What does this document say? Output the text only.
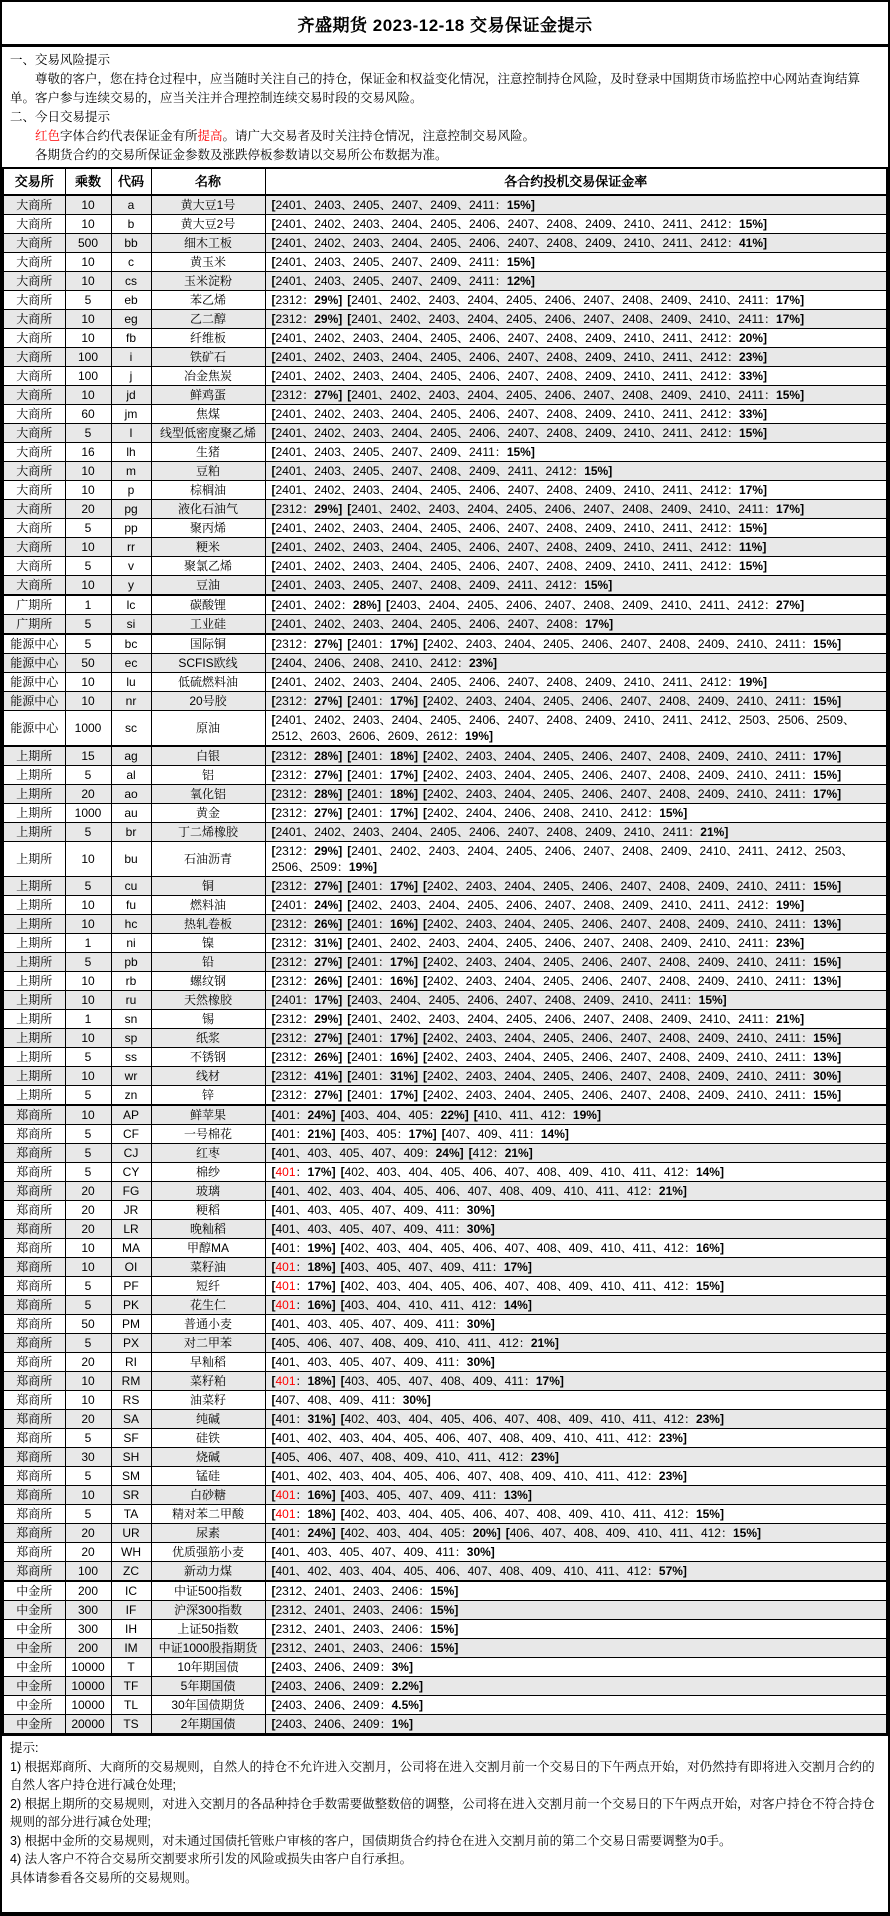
齐盛期货 2023-12-18 交易保证金提示

一、交易风险提示

尊敬的客户，您在持仓过程中，应当随时关注自己的持仓，保证金和权益变化情况，注意控制持仓风险，及时登录中国期货市场监控中心网站查询结算单。客户参与连续交易的，应当关注并合理控制连续交易时段的交易风险。

二、今日交易提示

红色字体合约代表保证金有所提高。请广大交易者及时关注持仓情况，注意控制交易风险。

各期货合约的交易所保证金参数及涨跌停板参数请以交易所公布数据为准。

交易所	乘数	代码	名称	各合约投机交易保证金率
大商所	10	a	黄大豆1号	[2401、2403、2405、2407、2409、2411：15%]
大商所	10	b	黄大豆2号	[2401、2402、2403、2404、2405、2406、2407、2408、2409、2410、2411、2412：15%]
大商所	500	bb	细木工板	[2401、2402、2403、2404、2405、2406、2407、2408、2409、2410、2411、2412：41%]
大商所	10	c	黄玉米	[2401、2403、2405、2407、2409、2411：15%]
大商所	10	cs	玉米淀粉	[2401、2403、2405、2407、2409、2411：12%]
大商所	5	eb	苯乙烯	[2312：29%] [2401、2402、2403、2404、2405、2406、2407、2408、2409、2410、2411：17%]
大商所	10	eg	乙二醇	[2312：29%] [2401、2402、2403、2404、2405、2406、2407、2408、2409、2410、2411：17%]
大商所	10	fb	纤维板	[2401、2402、2403、2404、2405、2406、2407、2408、2409、2410、2411、2412：20%]
大商所	100	i	铁矿石	[2401、2402、2403、2404、2405、2406、2407、2408、2409、2410、2411、2412：23%]
大商所	100	j	冶金焦炭	[2401、2402、2403、2404、2405、2406、2407、2408、2409、2410、2411、2412：33%]
大商所	10	jd	鲜鸡蛋	[2312：27%] [2401、2402、2403、2404、2405、2406、2407、2408、2409、2410、2411：15%]
大商所	60	jm	焦煤	[2401、2402、2403、2404、2405、2406、2407、2408、2409、2410、2411、2412：33%]
大商所	5	l	线型低密度聚乙烯	[2401、2402、2403、2404、2405、2406、2407、2408、2409、2410、2411、2412：15%]
大商所	16	lh	生猪	[2401、2403、2405、2407、2409、2411：15%]
大商所	10	m	豆粕	[2401、2403、2405、2407、2408、2409、2411、2412：15%]
大商所	10	p	棕榈油	[2401、2402、2403、2404、2405、2406、2407、2408、2409、2410、2411、2412：17%]
大商所	20	pg	液化石油气	[2312：29%] [2401、2402、2403、2404、2405、2406、2407、2408、2409、2410、2411：17%]
大商所	5	pp	聚丙烯	[2401、2402、2403、2404、2405、2406、2407、2408、2409、2410、2411、2412：15%]
大商所	10	rr	粳米	[2401、2402、2403、2404、2405、2406、2407、2408、2409、2410、2411、2412：11%]
大商所	5	v	聚氯乙烯	[2401、2402、2403、2404、2405、2406、2407、2408、2409、2410、2411、2412：15%]
大商所	10	y	豆油	[2401、2403、2405、2407、2408、2409、2411、2412：15%]
广期所	1	lc	碳酸锂	[2401、2402：28%] [2403、2404、2405、2406、2407、2408、2409、2410、2411、2412：27%]
广期所	5	si	工业硅	[2401、2402、2403、2404、2405、2406、2407、2408：17%]
能源中心	5	bc	国际铜	[2312：27%] [2401：17%] [2402、2403、2404、2405、2406、2407、2408、2409、2410、2411：15%]
能源中心	50	ec	SCFIS欧线	[2404、2406、2408、2410、2412：23%]
能源中心	10	lu	低硫燃料油	[2401、2402、2403、2404、2405、2406、2407、2408、2409、2410、2411、2412：19%]
能源中心	10	nr	20号胶	[2312：27%] [2401：17%] [2402、2403、2404、2405、2406、2407、2408、2409、2410、2411：15%]
能源中心	1000	sc	原油	[2401、2402、2403、2404、2405、2406、2407、2408、2409、2410、2411、2412、2503、2506、2509、2512、2603、2606、2609、2612：19%]
上期所	15	ag	白银	[2312：28%] [2401：18%] [2402、2403、2404、2405、2406、2407、2408、2409、2410、2411：17%]
上期所	5	al	铝	[2312：27%] [2401：17%] [2402、2403、2404、2405、2406、2407、2408、2409、2410、2411：15%]
上期所	20	ao	氧化铝	[2312：28%] [2401：18%] [2402、2403、2404、2405、2406、2407、2408、2409、2410、2411：17%]
上期所	1000	au	黄金	[2312：27%] [2401：17%] [2402、2404、2406、2408、2410、2412：15%]
上期所	5	br	丁二烯橡胶	[2401、2402、2403、2404、2405、2406、2407、2408、2409、2410、2411：21%]
上期所	10	bu	石油沥青	[2312：29%] [2401、2402、2403、2404、2405、2406、2407、2408、2409、2410、2411、2412、2503、2506、2509：19%]
上期所	5	cu	铜	[2312：27%] [2401：17%] [2402、2403、2404、2405、2406、2407、2408、2409、2410、2411：15%]
上期所	10	fu	燃料油	[2401：24%] [2402、2403、2404、2405、2406、2407、2408、2409、2410、2411、2412：19%]
上期所	10	hc	热轧卷板	[2312：26%] [2401：16%] [2402、2403、2404、2405、2406、2407、2408、2409、2410、2411：13%]
上期所	1	ni	镍	[2312：31%] [2401、2402、2403、2404、2405、2406、2407、2408、2409、2410、2411：23%]
上期所	5	pb	铅	[2312：27%] [2401：17%] [2402、2403、2404、2405、2406、2407、2408、2409、2410、2411：15%]
上期所	10	rb	螺纹钢	[2312：26%] [2401：16%] [2402、2403、2404、2405、2406、2407、2408、2409、2410、2411：13%]
上期所	10	ru	天然橡胶	[2401：17%] [2403、2404、2405、2406、2407、2408、2409、2410、2411：15%]
上期所	1	sn	锡	[2312：29%] [2401、2402、2403、2404、2405、2406、2407、2408、2409、2410、2411：21%]
上期所	10	sp	纸浆	[2312：27%] [2401：17%] [2402、2403、2404、2405、2406、2407、2408、2409、2410、2411：15%]
上期所	5	ss	不锈钢	[2312：26%] [2401：16%] [2402、2403、2404、2405、2406、2407、2408、2409、2410、2411：13%]
上期所	10	wr	线材	[2312：41%] [2401：31%] [2402、2403、2404、2405、2406、2407、2408、2409、2410、2411：30%]
上期所	5	zn	锌	[2312：27%] [2401：17%] [2402、2403、2404、2405、2406、2407、2408、2409、2410、2411：15%]
郑商所	10	AP	鲜苹果	[401：24%] [403、404、405：22%] [410、411、412：19%]
郑商所	5	CF	一号棉花	[401：21%] [403、405：17%] [407、409、411：14%]
郑商所	5	CJ	红枣	[401、403、405、407、409：24%] [412：21%]
郑商所	5	CY	棉纱	[401：17%] [402、403、404、405、406、407、408、409、410、411、412：14%]
郑商所	20	FG	玻璃	[401、402、403、404、405、406、407、408、409、410、411、412：21%]
郑商所	20	JR	粳稻	[401、403、405、407、409、411：30%]
郑商所	20	LR	晚籼稻	[401、403、405、407、409、411：30%]
郑商所	10	MA	甲醇MA	[401：19%] [402、403、404、405、406、407、408、409、410、411、412：16%]
郑商所	10	OI	菜籽油	[401：18%] [403、405、407、409、411：17%]
郑商所	5	PF	短纤	[401：17%] [402、403、404、405、406、407、408、409、410、411、412：15%]
郑商所	5	PK	花生仁	[401：16%] [403、404、410、411、412：14%]
郑商所	50	PM	普通小麦	[401、403、405、407、409、411：30%]
郑商所	5	PX	对二甲苯	[405、406、407、408、409、410、411、412：21%]
郑商所	20	RI	早籼稻	[401、403、405、407、409、411：30%]
郑商所	10	RM	菜籽粕	[401：18%] [403、405、407、408、409、411：17%]
郑商所	10	RS	油菜籽	[407、408、409、411：30%]
郑商所	20	SA	纯碱	[401：31%] [402、403、404、405、406、407、408、409、410、411、412：23%]
郑商所	5	SF	硅铁	[401、402、403、404、405、406、407、408、409、410、411、412：23%]
郑商所	30	SH	烧碱	[405、406、407、408、409、410、411、412：23%]
郑商所	5	SM	锰硅	[401、402、403、404、405、406、407、408、409、410、411、412：23%]
郑商所	10	SR	白砂糖	[401：16%] [403、405、407、409、411：13%]
郑商所	5	TA	精对苯二甲酸	[401：18%] [402、403、404、405、406、407、408、409、410、411、412：15%]
郑商所	20	UR	尿素	[401：24%] [402、403、404、405：20%] [406、407、408、409、410、411、412：15%]
郑商所	20	WH	优质强筋小麦	[401、403、405、407、409、411：30%]
郑商所	100	ZC	新动力煤	[401、402、403、404、405、406、407、408、409、410、411、412：57%]
中金所	200	IC	中证500指数	[2312、2401、2403、2406：15%]
中金所	300	IF	沪深300指数	[2312、2401、2403、2406：15%]
中金所	300	IH	上证50指数	[2312、2401、2403、2406：15%]
中金所	200	IM	中证1000股指期货	[2312、2401、2403、2406：15%]
中金所	10000	T	10年期国债	[2403、2406、2409：3%]
中金所	10000	TF	5年期国债	[2403、2406、2409：2.2%]
中金所	10000	TL	30年国债期货	[2403、2406、2409：4.5%]
中金所	20000	TS	2年期国债	[2403、2406、2409：1%]

提示:

1) 根据郑商所、大商所的交易规则，自然人的持仓不允许进入交割月，公司将在进入交割月前一个交易日的下午两点开始，对仍然持有即将进入交割月合约的自然人客户持仓进行减仓处理;

2) 根据上期所的交易规则，对进入交割月的各品种持仓手数需要做整数倍的调整，公司将在进入交割月前一个交易日的下午两点开始，对客户持仓不符合持仓规则的部分进行减仓处理;

3) 根据中金所的交易规则，对未通过国债托管账户审核的客户，国债期货合约持仓在进入交割月前的第二个交易日需要调整为0手。

4) 法人客户不符合交易所交割要求所引发的风险或损失由客户自行承担。

具体请参看各交易所的交易规则。
